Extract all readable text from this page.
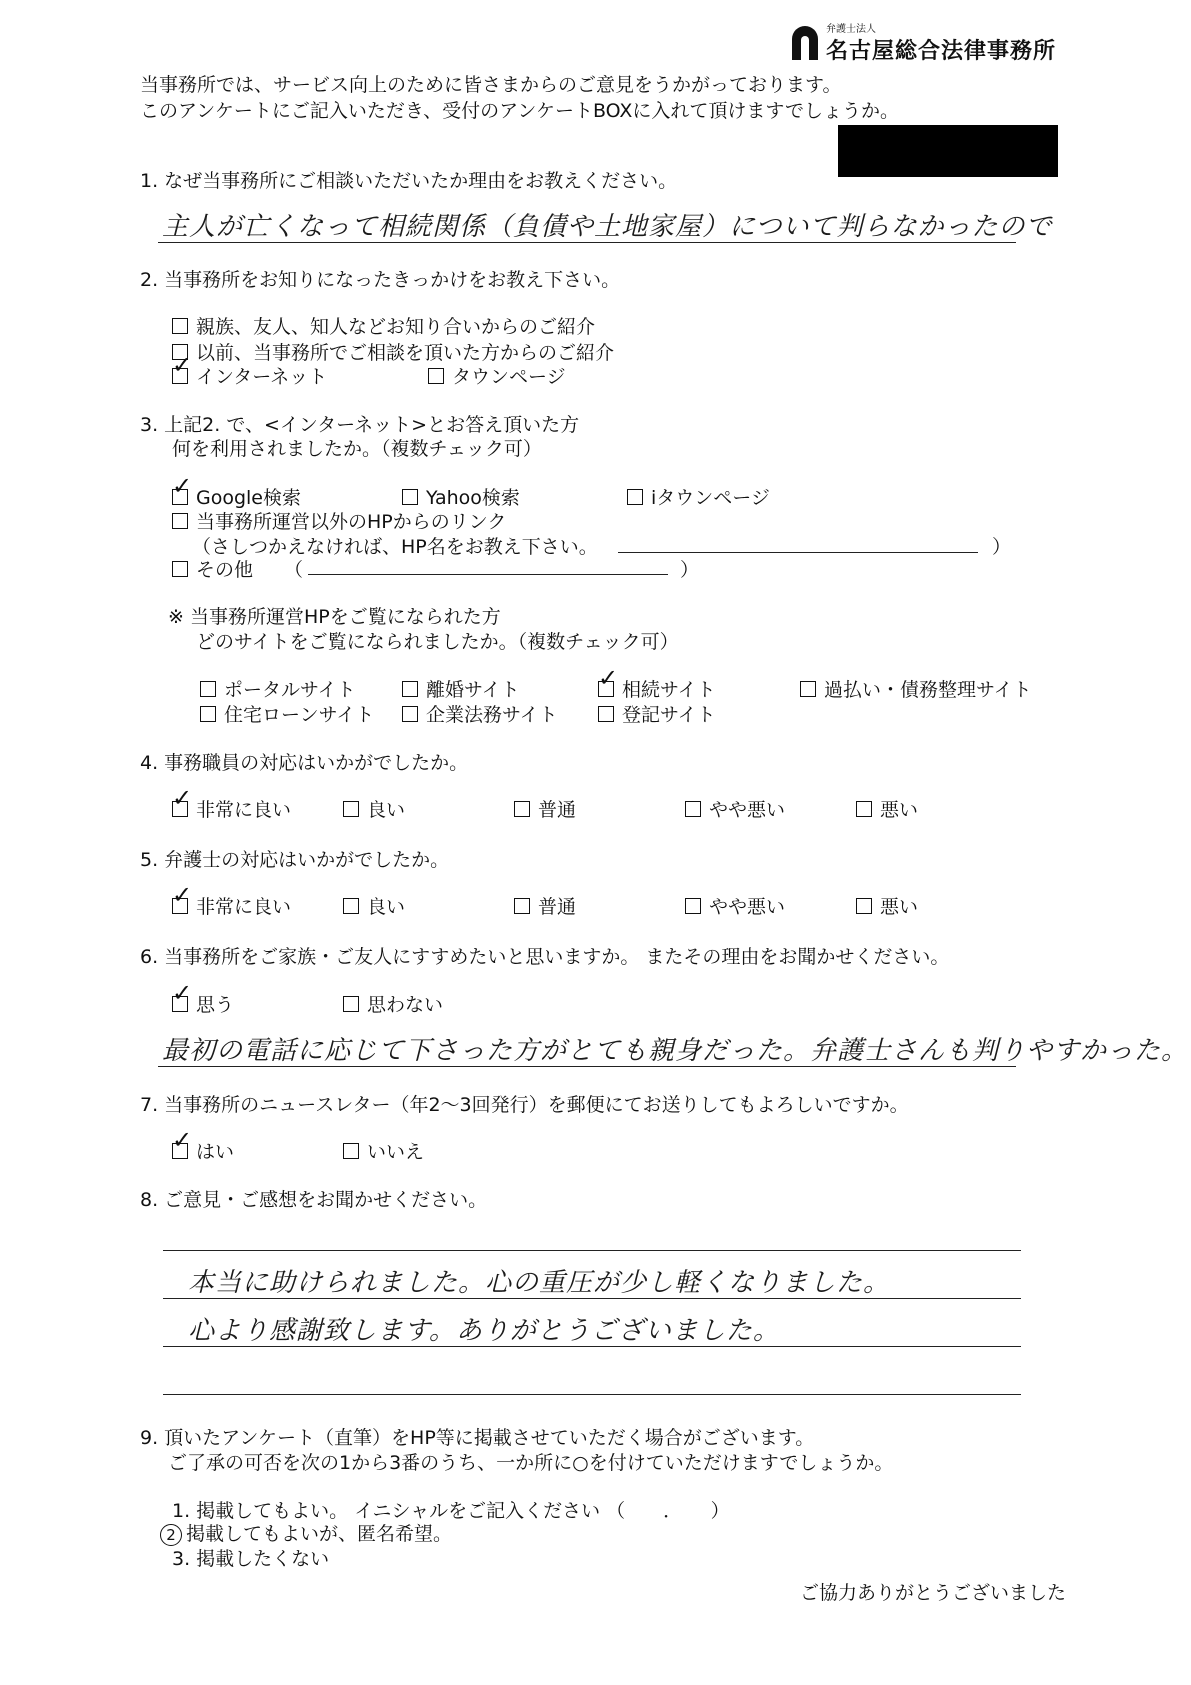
弁護士法人
名古屋総合法律事務所
当事務所では、サービス向上のために皆さまからのご意見をうかがっております。
このアンケートにご記入いただき、受付のアンケートBOXに入れて頂けますでしょうか。
1. なぜ当事務所にご相談いただいたか理由をお教えください。
主人が亡くなって相続関係（負債や土地家屋）について判らなかったので
2. 当事務所をお知りになったきっかけをお教え下さい。
親族、友人、知人などお知り合いからのご紹介
以前、当事務所でご相談を頂いた方からのご紹介
✓インターネット	タウンページ
3. 上記2. で、<インターネット>とお答え頂いた方
何を利用されましたか。（複数チェック可）
✓Google検索	Yahoo検索	iタウンページ
当事務所運営以外のHPからのリンク
（さしつかえなければ、HP名をお教え下さい。	）
その他 （	）
※ 当事務所運営HPをご覧になられた方
どのサイトをご覧になられましたか。（複数チェック可）
ポータルサイト	離婚サイト
✓	相続サイト	過払い・債務整理サイト
住宅ローンサイト	企業法務サイト	登記サイト
4. 事務職員の対応はいかがでしたか。
✓非常に良い	良い	普通	やや悪い	悪い
5. 弁護士の対応はいかがでしたか。
✓非常に良い	良い	普通	やや悪い	悪い
6. 当事務所をご家族・ご友人にすすめたいと思いますか。 またその理由をお聞かせください。
✓思う	思わない
最初の電話に応じて下さった方がとても親身だった。弁護士さんも判りやすかった。
7. 当事務所のニュースレター（年2～3回発行）を郵便にてお送りしてもよろしいですか。
✓はい	いいえ
8. ご意見・ご感想をお聞かせください。
本当に助けられました。心の重圧が少し軽くなりました。
心より感謝致します。ありがとうございました。
9. 頂いたアンケート（直筆）をHP等に掲載させていただく場合がございます。
ご了承の可否を次の1から3番のうち、一か所に○を付けていただけますでしょうか。
1. 掲載してもよい。 イニシャルをご記入ください （　　．　　）
2 掲載してもよいが、匿名希望。
3. 掲載したくない
ご協力ありがとうございました
